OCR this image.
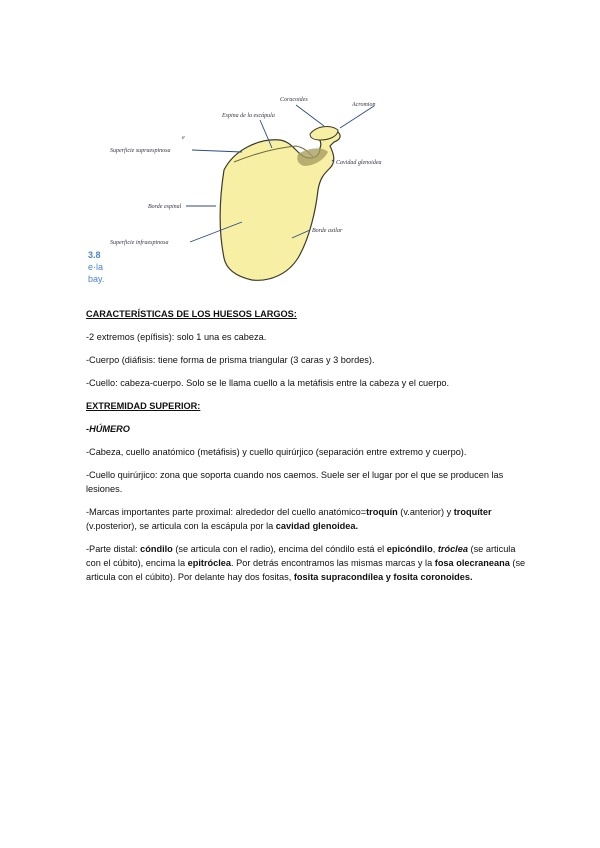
Coracoides
Acromion
Espina de la escápula
e
Superficie supraespinosa
Cavidad glenoidea
Borde espinal
Borde axilar
Superficie infraespinosa
3.8
e·la
bay.

CARACTERÍSTICAS DE LOS HUESOS LARGOS:

-2 extremos (epífisis): solo 1 una es cabeza.

-Cuerpo (diáfisis: tiene forma de prisma triangular (3 caras y 3 bordes).

-Cuello: cabeza-cuerpo. Solo se le llama cuello a la metáfisis entre la cabeza y el cuerpo.

EXTREMIDAD SUPERIOR:

-HÚMERO

-Cabeza, cuello anatómico (metáfisis) y cuello quirúrjico (separación entre extremo y cuerpo).

-Cuello quirúrjico: zona que soporta cuando nos caemos. Suele ser el lugar por el que se producen las lesiones.

-Marcas importantes parte proximal: alrededor del cuello anatómico=troquín (v.anterior) y troquíter (v.posterior), se articula con la escápula por la cavidad glenoidea.

-Parte distal: cóndilo (se articula con el radio), encima del cóndilo está el epicóndilo, tróclea (se articula con el cúbito), encima la epitróclea. Por detrás encontramos las mismas marcas y la fosa olecraneana (se articula con el cúbito). Por delante hay dos fositas, fosita supracondílea y fosita coronoides.
